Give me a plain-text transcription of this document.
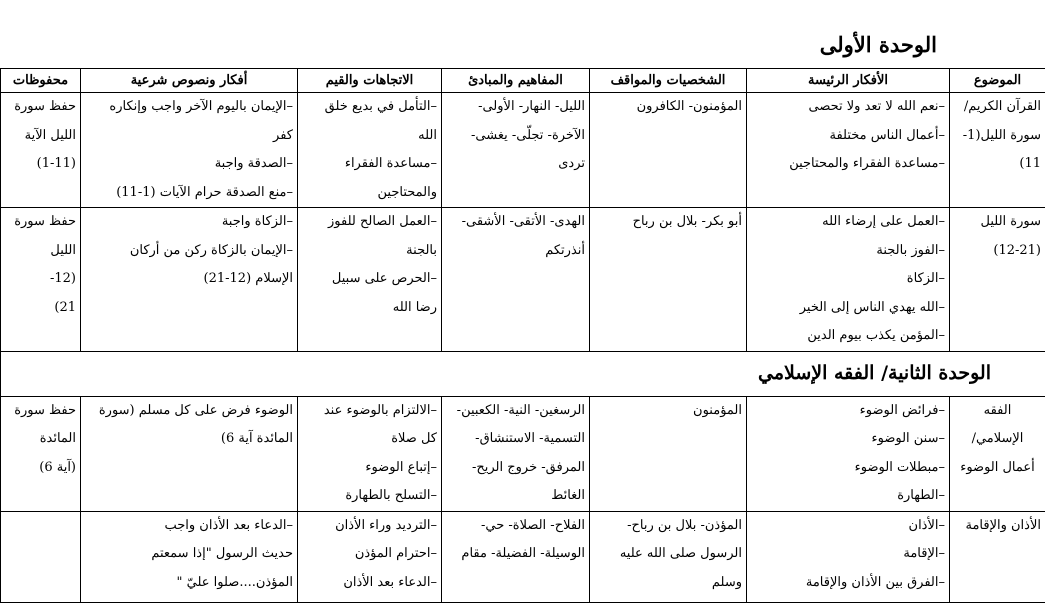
الوحدة الأولى
الموضوع	الأفكار الرئيسة	الشخصيات والمواقف	المفاهيم والمبادئ	الاتجاهات والقيم	أفكار ونصوص شرعية	محفوظات

القرآن الكريم/
سورة الليل(1-
11)	–نعم الله لا تعد ولا تحصى
–أعمال الناس مختلفة
–مساعدة الفقراء والمحتاجين	المؤمنون- الكافرون	الليل- النهار- الأولى-
الآخرة- تجلّى- يغشى-
تردى	–التأمل في بديع خلق
الله
–مساعدة الفقراء
والمحتاجين	–الإيمان باليوم الآخر واجب وإنكاره
كفر
–الصدقة واجبة
–منع الصدقة حرام الآيات (1-11)	حفظ سورة
الليل الآية
(1-11)

سورة الليل
(12-21)	–العمل على إرضاء الله
–الفوز بالجنة
–الزكاة
–الله يهدي الناس إلى الخير
–المؤمن يكذب بيوم الدين	أبو بكر- بلال بن رباح	الهدى- الأتقى- الأشقى-
أنذرتكم	–العمل الصالح للفوز
بالجنة
–الحرص على سبيل
رضا الله	–الزكاة واجبة
–الإيمان بالزكاة ركن من أركان
الإسلام (12-21)	حفظ سورة
الليل
(12-
21)

الوحدة الثانية/ الفقه الإسلامي						

الفقه
الإسلامي/
أعمال الوضوء	–فرائض الوضوء
–سنن الوضوء
–مبطلات الوضوء
–الطهارة	المؤمنون	الرسغين- النية- الكعبين-
التسمية- الاستنشاق-
المرفق- خروج الريح-
الغائط	–الالتزام بالوضوء عند
كل صلاة
–إتباع الوضوء
–التسلح بالطهارة	الوضوء فرض على كل مسلم (سورة
المائدة آية 6)	حفظ سورة
المائدة
(آية 6)

الأذان والإقامة	–الأذان
–الإقامة
–الفرق بين الأذان والإقامة	المؤذن- بلال بن رباح-
الرسول صلى الله عليه
وسلم	الفلاح- الصلاة- حي-
الوسيلة- الفضيلة- مقام	–الترديد وراء الأذان
–احترام المؤذن
–الدعاء بعد الأذان	–الدعاء بعد الأذان واجب
حديث الرسول "إذا سمعتم
المؤذن....صلوا عليّ "	
